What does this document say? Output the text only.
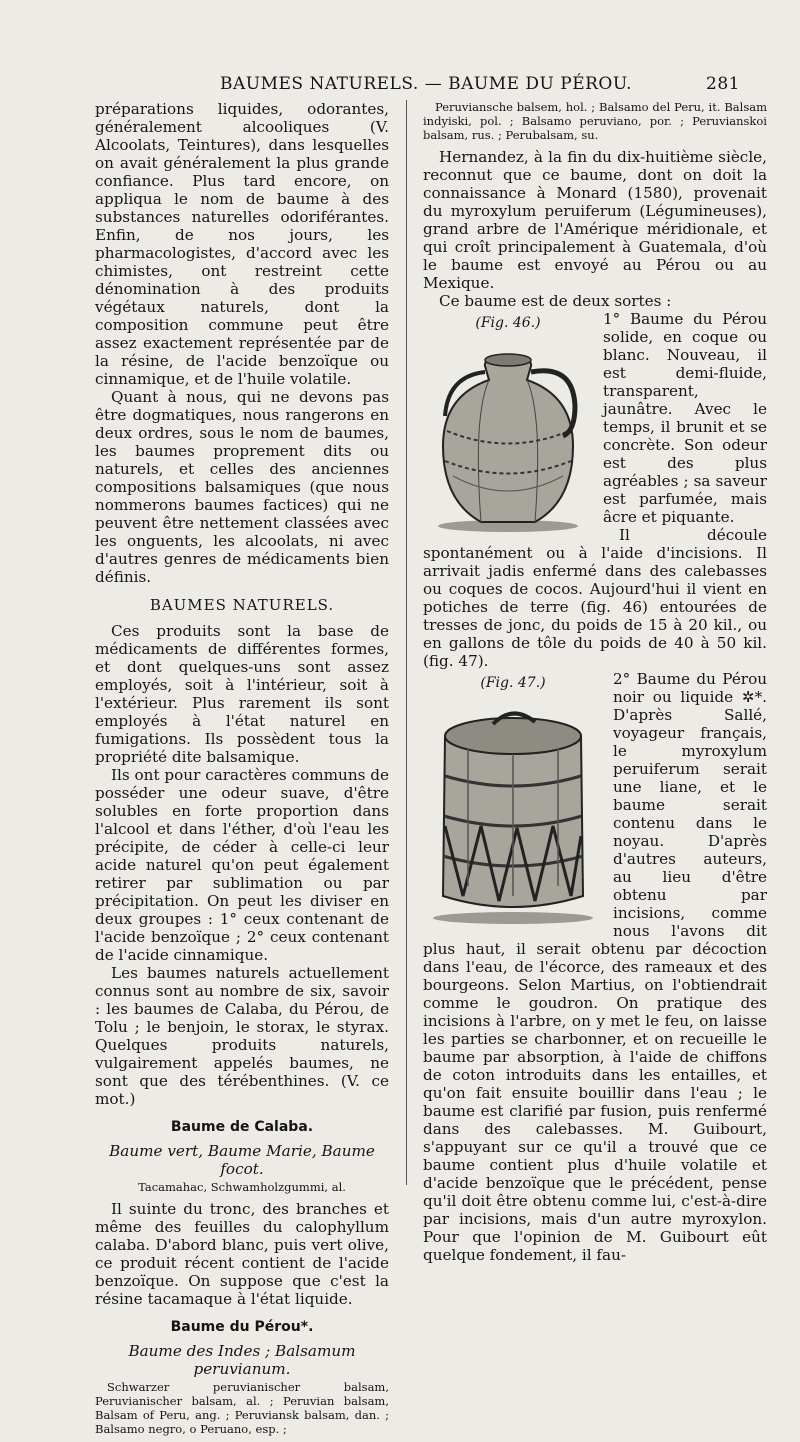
BAUMES NATURELS. — BAUME DU PÉROU.	281

préparations liquides, odorantes, généralement alcooliques (V. Alcoolats, Teintures), dans lesquelles on avait généralement la plus grande confiance. Plus tard encore, on appliqua le nom de baume à des substances naturelles odoriférantes. Enfin, de nos jours, les pharmacologistes, d'accord avec les chimistes, ont restreint cette dénomination à des produits végétaux naturels, dont la composition commune peut être assez exactement représentée par de la résine, de l'acide benzoïque ou cinnamique, et de l'huile volatile.

Quant à nous, qui ne devons pas être dogmatiques, nous rangerons en deux ordres, sous le nom de baumes, les baumes proprement dits ou naturels, et celles des anciennes compositions balsamiques (que nous nommerons baumes factices) qui ne peuvent être nettement classées avec les onguents, les alcoolats, ni avec d'autres genres de médicaments bien définis.

BAUMES NATURELS.

Ces produits sont la base de médicaments de différentes formes, et dont quelques-uns sont assez employés, soit à l'intérieur, soit à l'extérieur. Plus rarement ils sont employés à l'état naturel en fumigations. Ils possèdent tous la propriété dite balsamique.

Ils ont pour caractères communs de posséder une odeur suave, d'être solubles en forte proportion dans l'alcool et dans l'éther, d'où l'eau les précipite, de céder à celle-ci leur acide naturel qu'on peut également retirer par sublimation ou par précipitation. On peut les diviser en deux groupes : 1° ceux contenant de l'acide benzoïque ; 2° ceux contenant de l'acide cinnamique.

Les baumes naturels actuellement connus sont au nombre de six, savoir : les baumes de Calaba, du Pérou, de Tolu ; le benjoin, le storax, le styrax. Quelques produits naturels, vulgairement appelés baumes, ne sont que des térébenthines. (V. ce mot.)

Baume de Calaba.

Baume vert, Baume Marie, Baume focot.

Tacamahac, Schwamholzgummi, al.

Il suinte du tronc, des branches et même des feuilles du calophyllum calaba. D'abord blanc, puis vert olive, ce produit récent contient de l'acide benzoïque. On suppose que c'est la résine tacamaque à l'état liquide.

Baume du Pérou*.

Baume des Indes ; Balsamum peruvianum.

Schwarzer peruvianischer balsam, Peruvianischer balsam, al. ; Peruvian balsam, Balsam of Peru, ang. ; Peruviansk balsam, dan. ; Balsamo negro, o Peruano, esp. ;

Peruviansche balsem, hol. ; Balsamo del Peru, it. Balsam indyiski, pol. ; Balsamo peruviano, por. ; Peruvianskoi balsam, rus. ; Perubalsam, su.

Hernandez, à la fin du dix-huitième siècle, reconnut que ce baume, dont on doit la connaissance à Monard (1580), provenait du myroxylum peruiferum (Légumineuses), grand arbre de l'Amérique méridionale, et qui croît principalement à Guatemala, d'où le baume est envoyé au Pérou ou au Mexique.

Ce baume est de deux sortes :

(Fig. 46.)	1° Baume du Pérou solide, en coque ou blanc. Nouveau, il est demi-fluide, transparent, jaunâtre. Avec le temps, il brunit et se concrète. Son odeur est des plus agréables ; sa saveur est parfumée, mais âcre et piquante.

Il découle spontanément ou à l'aide d'incisions. Il arrivait jadis enfermé dans des calebasses ou coques de cocos. Aujourd'hui il vient en potiches de terre (fig. 46) entourées de tresses de jonc, du poids de 15 à 20 kil., ou en gallons de tôle du poids de 40 à 50 kil. (fig. 47).

(Fig. 47.)	2° Baume du Pérou noir ou liquide ✲*. D'après Sallé, voyageur français, le myroxylum peruiferum serait une liane, et le baume serait contenu dans le noyau. D'après d'autres auteurs, au lieu d'être obtenu par incisions, comme nous l'avons dit plus haut, il serait obtenu par décoction dans l'eau, de l'écorce, des rameaux et des bourgeons. Selon Martius, on l'obtiendrait comme le goudron. On pratique des incisions à l'arbre, on y met le feu, on laisse les parties se charbonner, et on recueille le baume par absorption, à l'aide de chiffons de coton introduits dans les entailles, et qu'on fait ensuite bouillir dans l'eau ; le baume est clarifié par fusion, puis renfermé dans des calebasses. M. Guibourt, s'appuyant sur ce qu'il a trouvé que ce baume contient plus d'huile volatile et d'acide benzoïque que le précédent, pense qu'il doit être obtenu comme lui, c'est-à-dire par incisions, mais d'un autre myroxylon. Pour que l'opinion de M. Guibourt eût quelque fondement, il fau-
